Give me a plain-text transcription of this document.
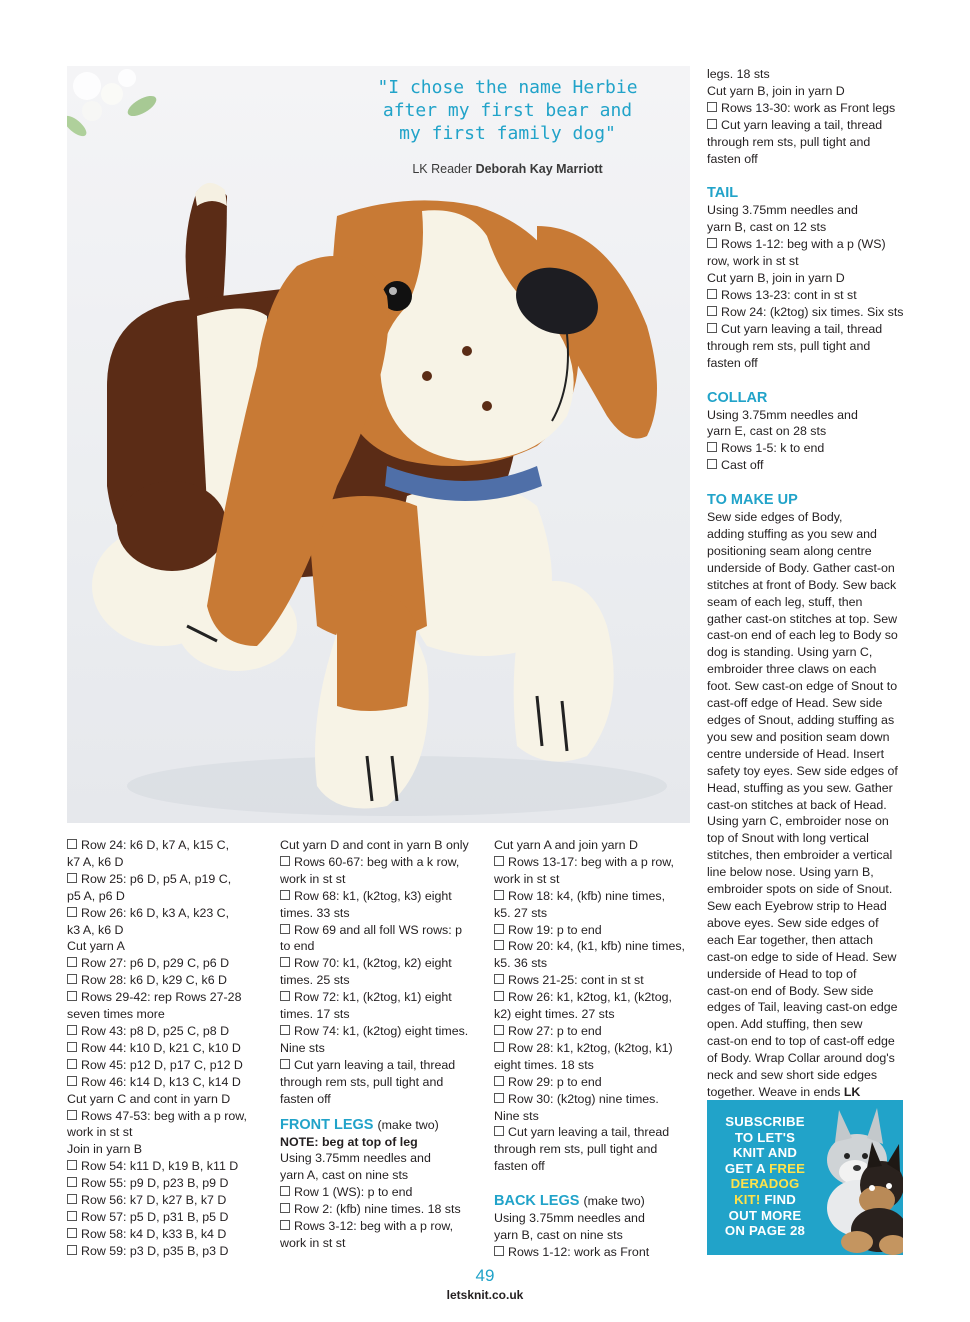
"I chose the name Herbie
after my first bear and
my first family dog"
LK Reader Deborah Kay Marriott
Row 24: k6 D, k7 A, k15 C,
k7 A, k6 D
Row 25: p6 D, p5 A, p19 C,
p5 A, p6 D
Row 26: k6 D, k3 A, k23 C,
k3 A, k6 D
Cut yarn A
Row 27: p6 D, p29 C, p6 D
Row 28: k6 D, k29 C, k6 D
Rows 29-42: rep Rows 27-28
seven times more
Row 43: p8 D, p25 C, p8 D
Row 44: k10 D, k21 C, k10 D
Row 45: p12 D, p17 C, p12 D
Row 46: k14 D, k13 C, k14 D
Cut yarn C and cont in yarn D
Rows 47-53: beg with a p row,
work in st st
Join in yarn B
Row 54: k11 D, k19 B, k11 D
Row 55: p9 D, p23 B, p9 D
Row 56: k7 D, k27 B, k7 D
Row 57: p5 D, p31 B, p5 D
Row 58: k4 D, k33 B, k4 D
Row 59: p3 D, p35 B, p3 D
Cut yarn D and cont in yarn B only
Rows 60-67: beg with a k row,
work in st st
Row 68: k1, (k2tog, k3) eight
times. 33 sts
Row 69 and all foll WS rows: p
to end
Row 70: k1, (k2tog, k2) eight
times. 25 sts
Row 72: k1, (k2tog, k1) eight
times. 17 sts
Row 74: k1, (k2tog) eight times.
Nine sts
Cut yarn leaving a tail, thread
through rem sts, pull tight and
fasten off
FRONT LEGS (make two)
NOTE: beg at top of leg
Using 3.75mm needles and
yarn A, cast on nine sts
Row 1 (WS): p to end
Row 2: (kfb) nine times. 18 sts
Rows 3-12: beg with a p row,
work in st st
Cut yarn A and join yarn D
Rows 13-17: beg with a p row,
work in st st
Row 18: k4, (kfb) nine times,
k5. 27 sts
Row 19: p to end
Row 20: k4, (k1, kfb) nine times,
k5. 36 sts
Rows 21-25: cont in st st
Row 26: k1, k2tog, k1, (k2tog,
k2) eight times. 27 sts
Row 27: p to end
Row 28: k1, k2tog, (k2tog, k1)
eight times. 18 sts
Row 29: p to end
Row 30: (k2tog) nine times.
Nine sts
Cut yarn leaving a tail, thread
through rem sts, pull tight and
fasten off
BACK LEGS (make two)
Using 3.75mm needles and
yarn B, cast on nine sts
Rows 1-12: work as Front
legs. 18 sts
Cut yarn B, join in yarn D
Rows 13-30: work as Front legs
Cut yarn leaving a tail, thread
through rem sts, pull tight and
fasten off
TAIL
Using 3.75mm needles and
yarn B, cast on 12 sts
Rows 1-12: beg with a p (WS)
row, work in st st
Cut yarn B, join in yarn D
Rows 13-23: cont in st st
Row 24: (k2tog) six times. Six sts
Cut yarn leaving a tail, thread
through rem sts, pull tight and
fasten off
COLLAR
Using 3.75mm needles and
yarn E, cast on 28 sts
Rows 1-5: k to end
Cast off
TO MAKE UP
Sew side edges of Body,
adding stuffing as you sew and
positioning seam along centre
underside of Body. Gather cast-on
stitches at front of Body. Sew back
seam of each leg, stuff, then
gather cast-on stitches at top. Sew
cast-on end of each leg to Body so
dog is standing. Using yarn C,
embroider three claws on each
foot. Sew cast-on edge of Snout to
cast-off edge of Head. Sew side
edges of Snout, adding stuffing as
you sew and position seam down
centre underside of Head. Insert
safety toy eyes. Sew side edges of
Head, stuffing as you sew. Gather
cast-on stitches at back of Head.
Using yarn C, embroider nose on
top of Snout with long vertical
stitches, then embroider a vertical
line below nose. Using yarn B,
embroider spots on side of Snout.
Sew each Eyebrow strip to Head
above eyes. Sew side edges of
each Ear together, then attach
cast-on edge to side of Head. Sew
underside of Head to top of
cast-on end of Body. Sew side
edges of Tail, leaving cast-on edge
open. Add stuffing, then sew
cast-on end to top of cast-off edge
of Body. Wrap Collar around dog's
neck and sew short side edges
together. Weave in ends LK
SUBSCRIBE
TO LET'S
KNIT AND
GET A FREE
DERADOG
KIT! FIND
OUT MORE
ON PAGE 28
49
letsknit.co.uk
